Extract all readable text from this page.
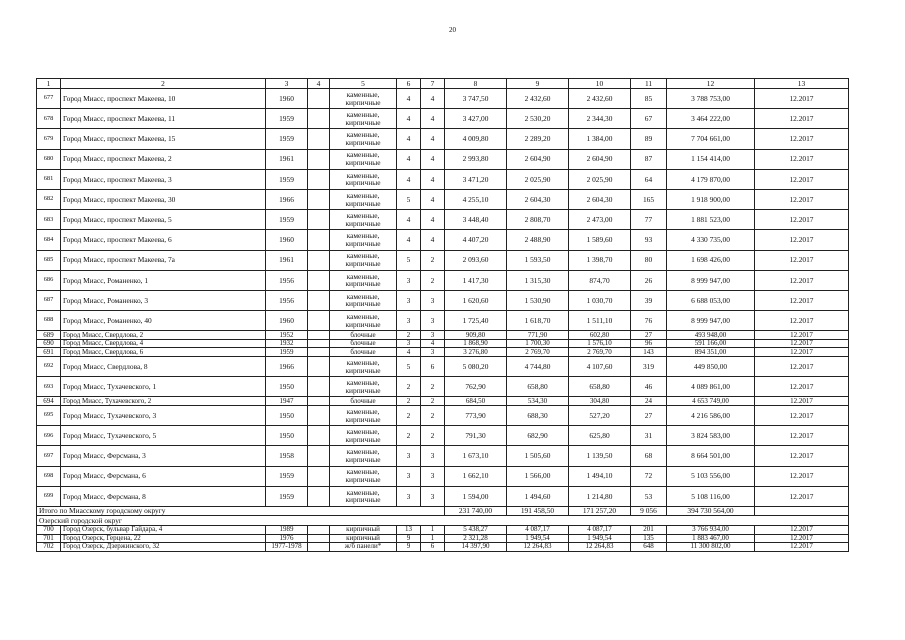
20
1	2	3	4	5	6	7	8	9	10	11	12	13
677	Город Миасс, проспект Макеева, 10	1960		каменные, кирпичные	4	4	3 747,50	2 432,60	2 432,60	85	3 788 753,00	12.2017
678	Город Миасс, проспект Макеева, 11	1959		каменные, кирпичные	4	4	3 427,00	2 530,20	2 344,30	67	3 464 222,00	12.2017
679	Город Миасс, проспект Макеева, 15	1959		каменные, кирпичные	4	4	4 009,80	2 289,20	1 384,00	89	7 704 661,00	12.2017
680	Город Миасс, проспект Макеева, 2	1961		каменные, кирпичные	4	4	2 993,80	2 604,90	2 604,90	87	1 154 414,00	12.2017
681	Город Миасс, проспект Макеева, 3	1959		каменные, кирпичные	4	4	3 471,20	2 025,90	2 025,90	64	4 179 870,00	12.2017
682	Город Миасс, проспект Макеева, 30	1966		каменные, кирпичные	5	4	4 255,10	2 604,30	2 604,30	165	1 918 900,00	12.2017
683	Город Миасс, проспект Макеева, 5	1959		каменные, кирпичные	4	4	3 448,40	2 808,70	2 473,00	77	1 881 523,00	12.2017
684	Город Миасс, проспект Макеева, 6	1960		каменные, кирпичные	4	4	4 407,20	2 488,90	1 589,60	93	4 330 735,00	12.2017
685	Город Миасс, проспект Макеева, 7а	1961		каменные, кирпичные	5	2	2 093,60	1 593,50	1 398,70	80	1 698 426,00	12.2017
686	Город Миасс, Романенко, 1	1956		каменные, кирпичные	3	2	1 417,30	1 315,30	874,70	26	8 999 947,00	12.2017
687	Город Миасс, Романенко, 3	1956		каменные, кирпичные	3	3	1 620,60	1 530,90	1 030,70	39	6 688 053,00	12.2017
688	Город Миасс, Романенко, 40	1960		каменные, кирпичные	3	3	1 725,40	1 618,70	1 511,10	76	8 999 947,00	12.2017
689	Город Миасс, Свердлова, 2	1952		блочные	2	3	909,80	771,90	602,80	27	493 948,00	12.2017
690	Город Миасс, Свердлова, 4	1932		блочные	3	4	1 868,90	1 700,30	1 576,10	96	591 166,00	12.2017
691	Город Миасс, Свердлова, 6	1959		блочные	4	3	3 276,80	2 769,70	2 769,70	143	894 351,00	12.2017
692	Город Миасс, Свердлова, 8	1966		каменные, кирпичные	5	6	5 080,20	4 744,80	4 107,60	319	449 850,00	12.2017
693	Город Миасс, Тухачевского, 1	1950		каменные, кирпичные	2	2	762,90	658,80	658,80	46	4 089 861,00	12.2017
694	Город Миасс, Тухачевского, 2	1947		блочные	2	2	684,50	534,30	304,80	24	4 653 749,00	12.2017
695	Город Миасс, Тухачевского, 3	1950		каменные, кирпичные	2	2	773,90	688,30	527,20	27	4 216 586,00	12.2017
696	Город Миасс, Тухачевского, 5	1950		каменные, кирпичные	2	2	791,30	682,90	625,80	31	3 824 583,00	12.2017
697	Город Миасс, Ферсмана, 3	1958		каменные, кирпичные	3	3	1 673,10	1 505,60	1 139,50	68	8 664 501,00	12.2017
698	Город Миасс, Ферсмана, 6	1959		каменные, кирпичные	3	3	1 662,10	1 566,00	1 494,10	72	5 103 556,00	12.2017
699	Город Миасс, Ферсмана, 8	1959		каменные, кирпичные	3	3	1 594,00	1 494,60	1 214,80	53	5 108 116,00	12.2017
Итого по Миасскому городскому округу							231 740,00	191 458,50	171 257,20	9 056	394 730 564,00	
Озерский городской округ												
700	Город Озерск, бульвар Гайдара, 4	1989		кирпичный	13	1	5 438,27	4 087,17	4 087,17	201	3 766 934,00	12.2017
701	Город Озерск, Герцена, 22	1976		кирпичный	9	1	2 321,28	1 949,54	1 949,54	135	1 883 467,00	12.2017
702	Город Озерск, Дзержинского, 32	1977-1978		ж/б панели*	9	6	14 397,90	12 264,83	12 264,83	648	11 300 802,00	12.2017
